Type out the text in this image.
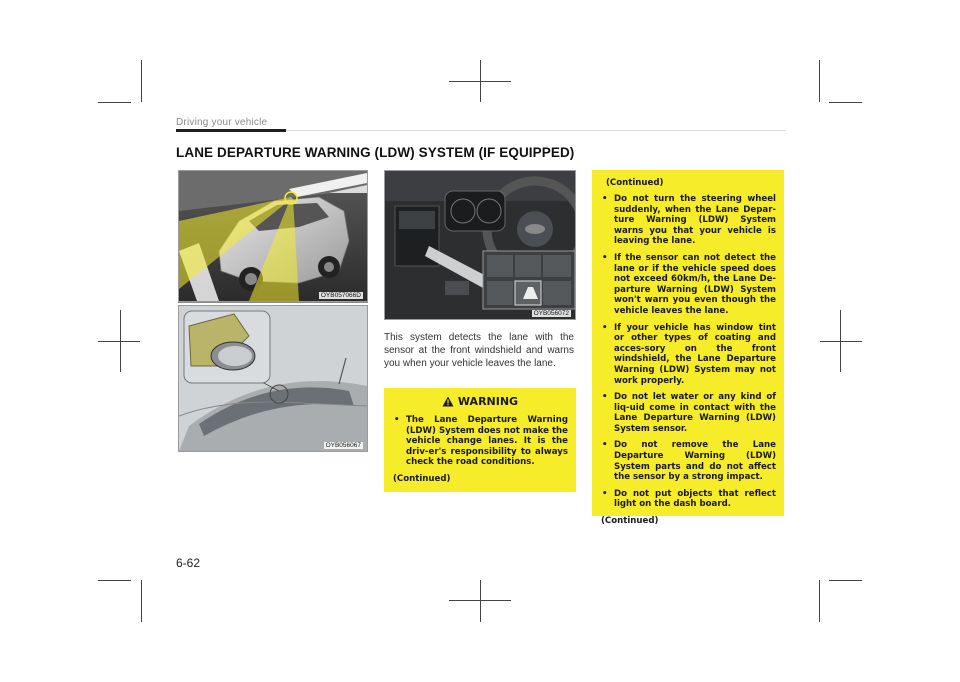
Driving your vehicle
LANE DEPARTURE WARNING (LDW) SYSTEM (IF EQUIPPED)
OYB057066D
OYB056067
OYB056072
This system detects the lane with the sensor at the front windshield and warns you when your vehicle leaves the lane.
WARNING
• The Lane Departure Warning (LDW) System does not make the vehicle change lanes. It is the driv-er's responsibility to always check the road conditions.
(Continued)
(Continued)
• Do not turn the steering wheel suddenly, when the Lane Depar-ture Warning (LDW) System warns you that your vehicle is leaving the lane.
• If the sensor can not detect the lane or if the vehicle speed does not exceed 60km/h, the Lane De-parture Warning (LDW) System won't warn you even though the vehicle leaves the lane.
• If your vehicle has window tint or other types of coating and acces-sory on the front windshield, the Lane Departure Warning (LDW) System may not work properly.
• Do not let water or any kind of liq-uid come in contact with the Lane Departure Warning (LDW) System sensor.
• Do not remove the Lane Departure Warning (LDW) System parts and do not affect the sensor by a strong impact.
• Do not put objects that reflect light on the dash board.
(Continued)
6-62
